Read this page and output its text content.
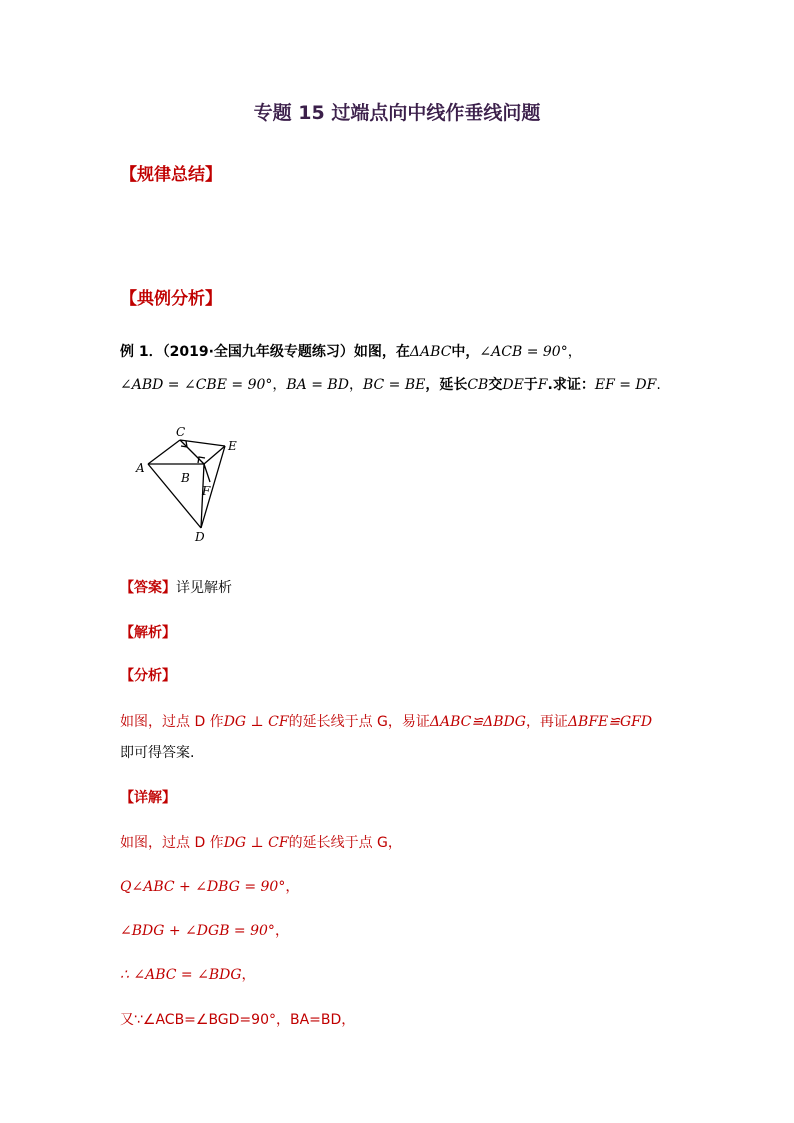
专题 15 过端点向中线作垂线问题
【规律总结】
【典例分析】
例 1．（2019·全国九年级专题练习）如图，在ΔABC中，∠ACB = 90°，
∠ABD = ∠CBE = 90°，BA = BD，BC = BE，延长CB交DE于F.求证：EF = DF.
C
E
A
B
F
D
【答案】详见解析
【解析】
【分析】
如图，过点 D 作DG ⊥ CF的延长线于点 G，易证ΔABC≌ΔBDG，再证ΔBFE≌GFD
即可得答案.
【详解】
如图，过点 D 作DG ⊥ CF的延长线于点 G，
Q∠ABC + ∠DBG = 90°，
∠BDG + ∠DGB = 90°，
∴ ∠ABC = ∠BDG，
又∵∠ACB=∠BGD=90°，BA=BD，
